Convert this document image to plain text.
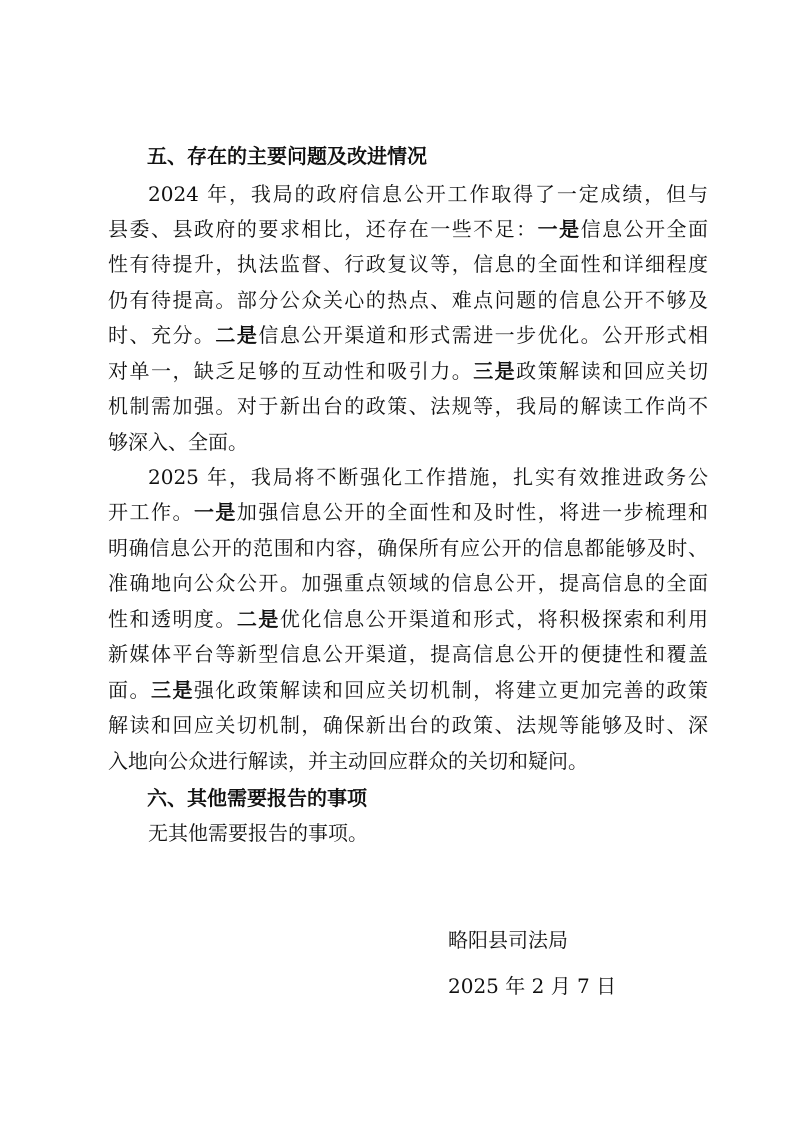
五、存在的主要问题及改进情况
2024 年，我局的政府信息公开工作取得了一定成绩，但与
县委、县政府的要求相比，还存在一些不足：一是信息公开全面
性有待提升，执法监督、行政复议等，信息的全面性和详细程度
仍有待提高。部分公众关心的热点、难点问题的信息公开不够及
时、充分。二是信息公开渠道和形式需进一步优化。公开形式相
对单一，缺乏足够的互动性和吸引力。三是政策解读和回应关切
机制需加强。对于新出台的政策、法规等，我局的解读工作尚不
够深入、全面。
2025 年，我局将不断强化工作措施，扎实有效推进政务公
开工作。一是加强信息公开的全面性和及时性，将进一步梳理和
明确信息公开的范围和内容，确保所有应公开的信息都能够及时、
准确地向公众公开。加强重点领域的信息公开，提高信息的全面
性和透明度。二是优化信息公开渠道和形式，将积极探索和利用
新媒体平台等新型信息公开渠道，提高信息公开的便捷性和覆盖
面。三是强化政策解读和回应关切机制，将建立更加完善的政策
解读和回应关切机制，确保新出台的政策、法规等能够及时、深
入地向公众进行解读，并主动回应群众的关切和疑问。
六、其他需要报告的事项
无其他需要报告的事项。
略阳县司法局
2025 年 2 月 7 日
